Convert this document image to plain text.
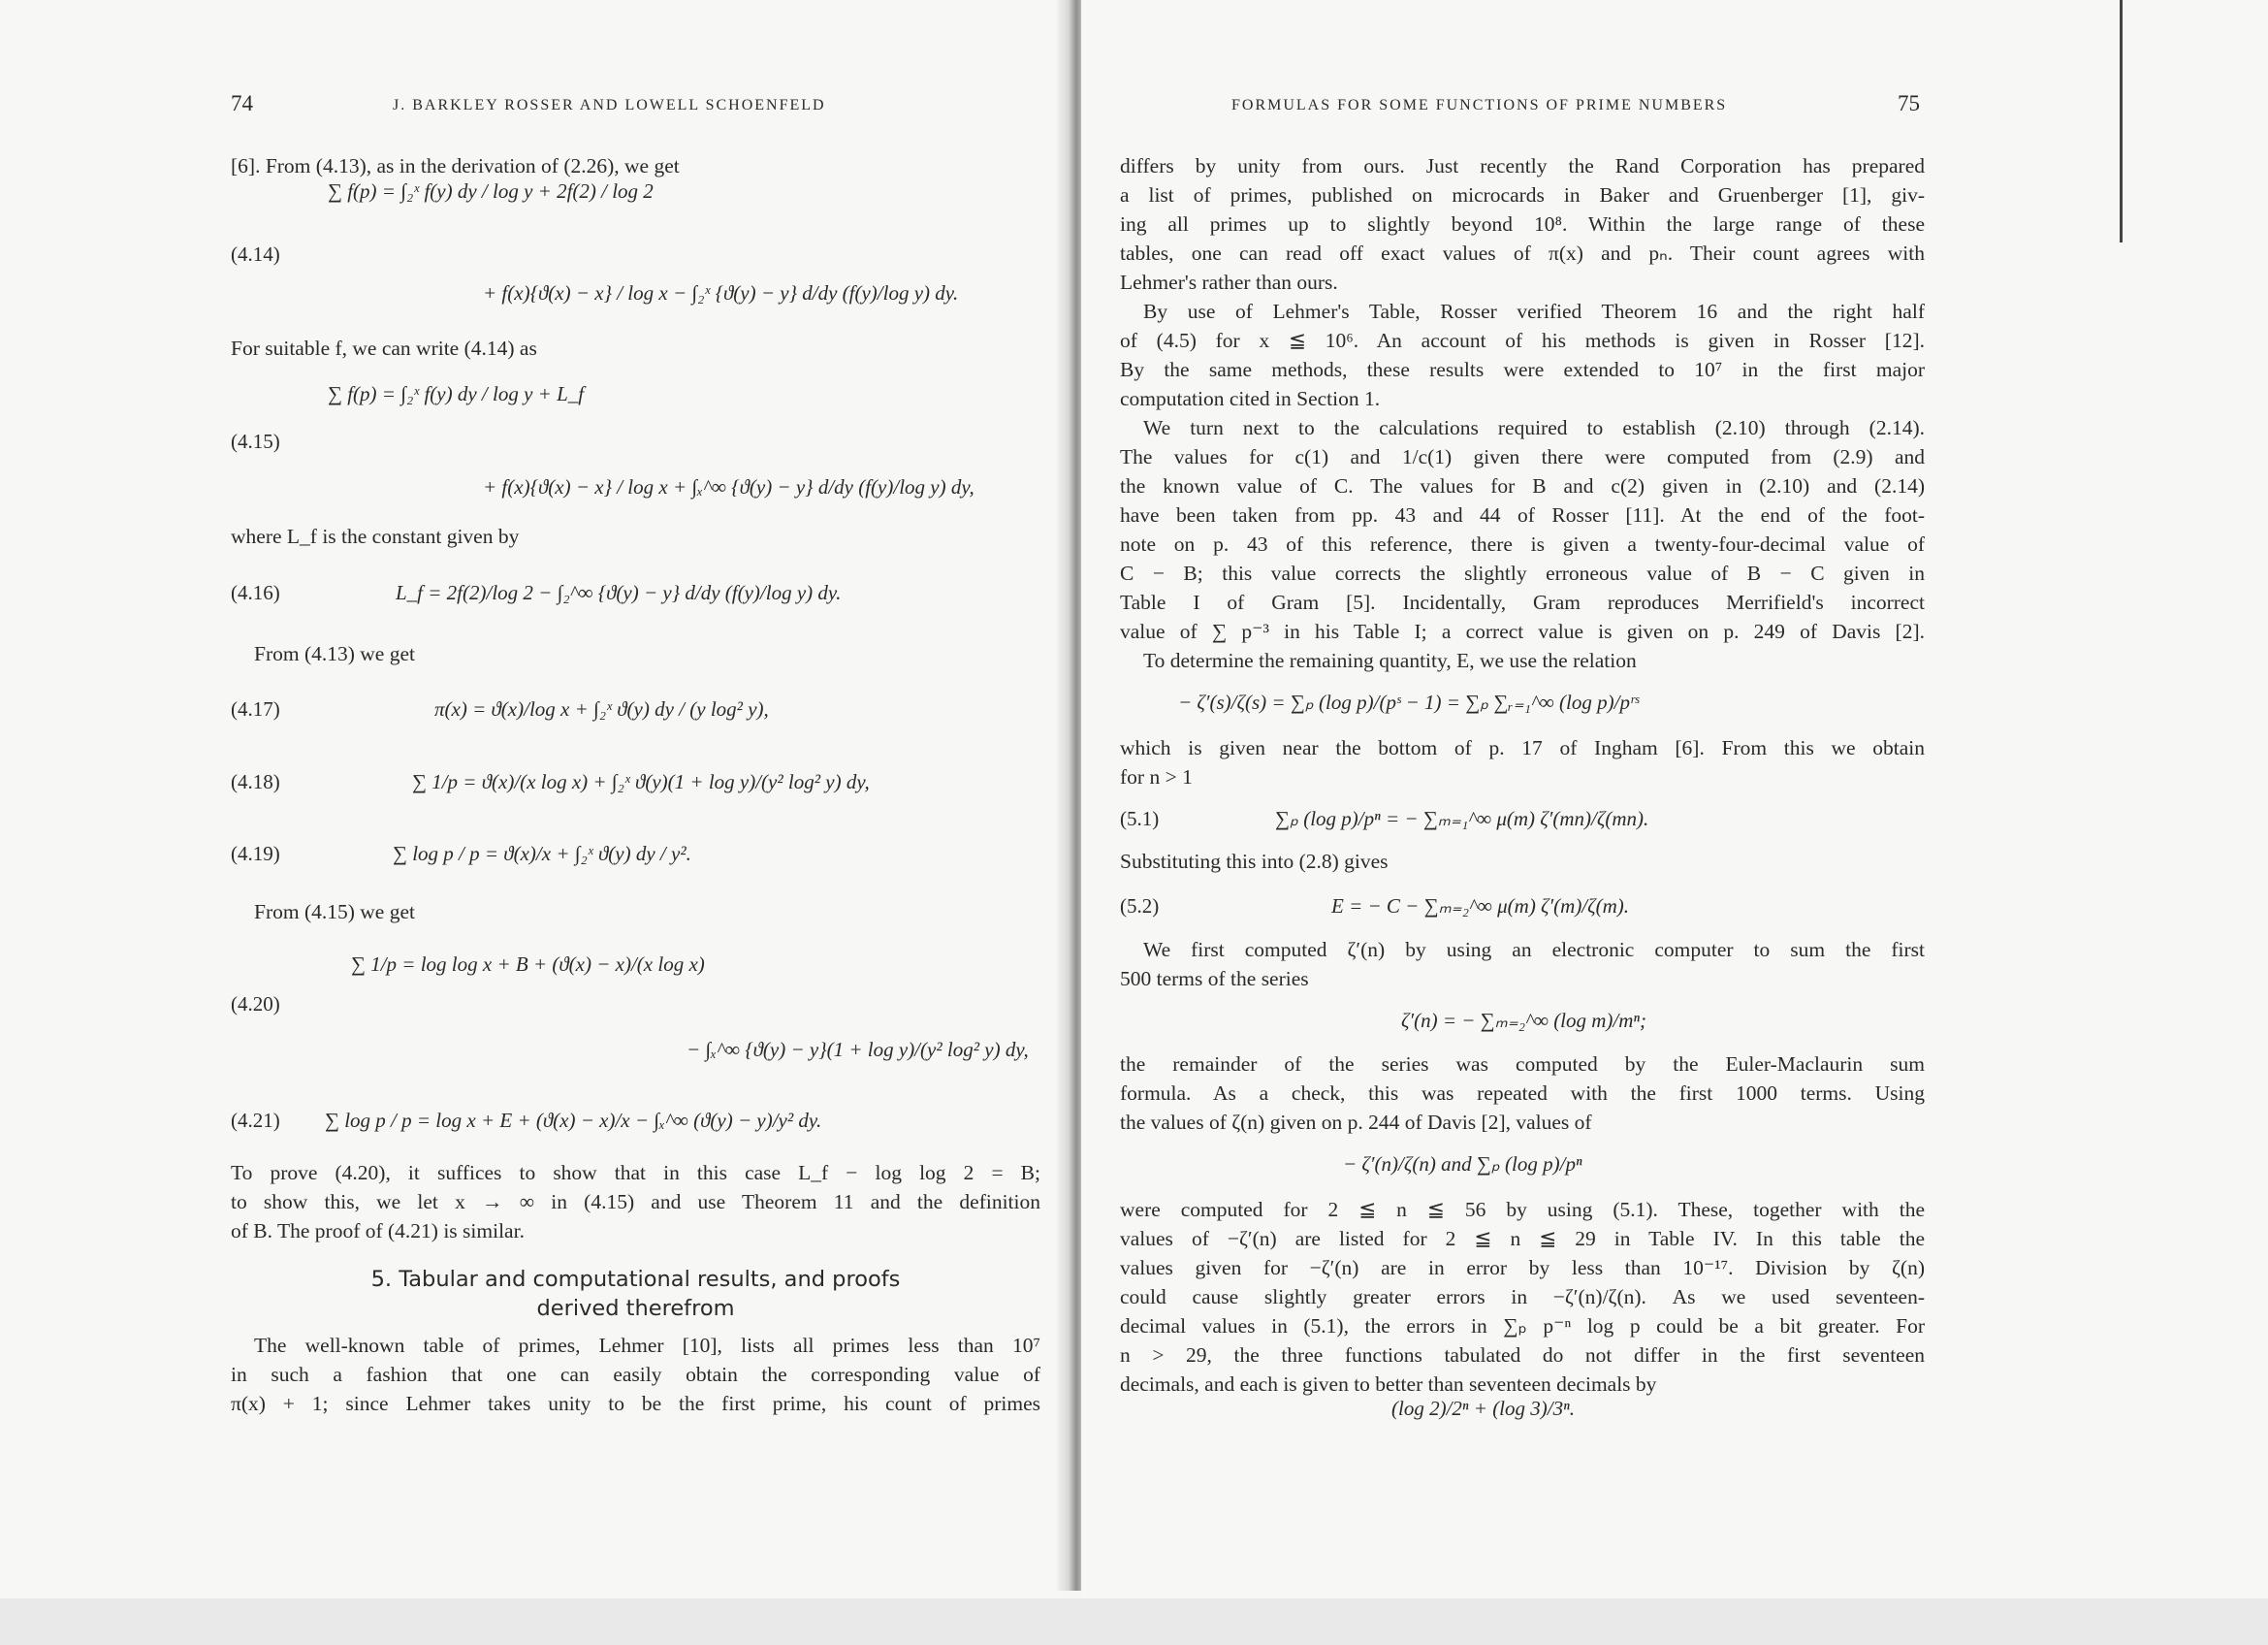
74	J. BARKLEY ROSSER AND LOWELL SCHOENFELD
[6]. From (4.13), as in the derivation of (2.26), we get
(4.14)
∑ f(p) = ∫₂ˣ f(y) dy / log y + 2f(2) / log 2
+ f(x){ϑ(x) − x} / log x − ∫₂ˣ {ϑ(y) − y} d/dy (f(y)/log y) dy.
For suitable f, we can write (4.14) as
(4.15)
∑ f(p) = ∫₂ˣ f(y) dy / log y + L_f
+ f(x){ϑ(x) − x} / log x + ∫ₓ^∞ {ϑ(y) − y} d/dy (f(y)/log y) dy,
where L_f is the constant given by
(4.16)	L_f = 2f(2)/log 2 − ∫₂^∞ {ϑ(y) − y} d/dy (f(y)/log y) dy.
From (4.13) we get
(4.17)	π(x) = ϑ(x)/log x + ∫₂ˣ ϑ(y) dy / (y log² y),
(4.18)	∑ 1/p = ϑ(x)/(x log x) + ∫₂ˣ ϑ(y)(1 + log y)/(y² log² y) dy,
(4.19)	∑ log p / p = ϑ(x)/x + ∫₂ˣ ϑ(y) dy / y².
From (4.15) we get
(4.20)
∑ 1/p = log log x + B + (ϑ(x) − x)/(x log x)
− ∫ₓ^∞ {ϑ(y) − y}(1 + log y)/(y² log² y) dy,
(4.21) ∑ log p / p = log x + E + (ϑ(x) − x)/x − ∫ₓ^∞ (ϑ(y) − y)/y² dy.
To prove (4.20), it suffices to show that in this case L_f − log log 2 = B;
to show this, we let x → ∞ in (4.15) and use Theorem 11 and the definition
of B. The proof of (4.21) is similar.
5. Tabular and computational results, and proofs
derived therefrom
The well-known table of primes, Lehmer [10], lists all primes less than 10⁷
in such a fashion that one can easily obtain the corresponding value of
π(x) + 1; since Lehmer takes unity to be the first prime, his count of primes
FORMULAS FOR SOME FUNCTIONS OF PRIME NUMBERS	75
differs by unity from ours. Just recently the Rand Corporation has prepared
a list of primes, published on microcards in Baker and Gruenberger [1], giv-
ing all primes up to slightly beyond 10⁸. Within the large range of these
tables, one can read off exact values of π(x) and pₙ. Their count agrees with
Lehmer's rather than ours.
By use of Lehmer's Table, Rosser verified Theorem 16 and the right half
of (4.5) for x ≦ 10⁶. An account of his methods is given in Rosser [12].
By the same methods, these results were extended to 10⁷ in the first major
computation cited in Section 1.
We turn next to the calculations required to establish (2.10) through (2.14).
The values for c(1) and 1/c(1) given there were computed from (2.9) and
the known value of C. The values for B and c(2) given in (2.10) and (2.14)
have been taken from pp. 43 and 44 of Rosser [11]. At the end of the foot-
note on p. 43 of this reference, there is given a twenty-four-decimal value of
C − B; this value corrects the slightly erroneous value of B − C given in
Table I of Gram [5]. Incidentally, Gram reproduces Merrifield's incorrect
value of ∑ p⁻³ in his Table I; a correct value is given on p. 249 of Davis [2].
To determine the remaining quantity, E, we use the relation
− ζ′(s)/ζ(s) = ∑ₚ (log p)/(pˢ − 1) = ∑ₚ ∑ᵣ₌₁^∞ (log p)/pʳˢ
which is given near the bottom of p. 17 of Ingham [6]. From this we obtain
for n > 1
(5.1)	∑ₚ (log p)/pⁿ = − ∑ₘ₌₁^∞ μ(m) ζ′(mn)/ζ(mn).
Substituting this into (2.8) gives
(5.2)	E = − C − ∑ₘ₌₂^∞ μ(m) ζ′(m)/ζ(m).
We first computed ζ′(n) by using an electronic computer to sum the first
500 terms of the series
ζ′(n) = − ∑ₘ₌₂^∞ (log m)/mⁿ;
the remainder of the series was computed by the Euler-Maclaurin sum
formula. As a check, this was repeated with the first 1000 terms. Using
the values of ζ(n) given on p. 244 of Davis [2], values of
− ζ′(n)/ζ(n) and ∑ₚ (log p)/pⁿ
were computed for 2 ≦ n ≦ 56 by using (5.1). These, together with the
values of −ζ′(n) are listed for 2 ≦ n ≦ 29 in Table IV. In this table the
values given for −ζ′(n) are in error by less than 10⁻¹⁷. Division by ζ(n)
could cause slightly greater errors in −ζ′(n)/ζ(n). As we used seventeen-
decimal values in (5.1), the errors in ∑ₚ p⁻ⁿ log p could be a bit greater. For
n > 29, the three functions tabulated do not differ in the first seventeen
decimals, and each is given to better than seventeen decimals by
(log 2)/2ⁿ + (log 3)/3ⁿ.
